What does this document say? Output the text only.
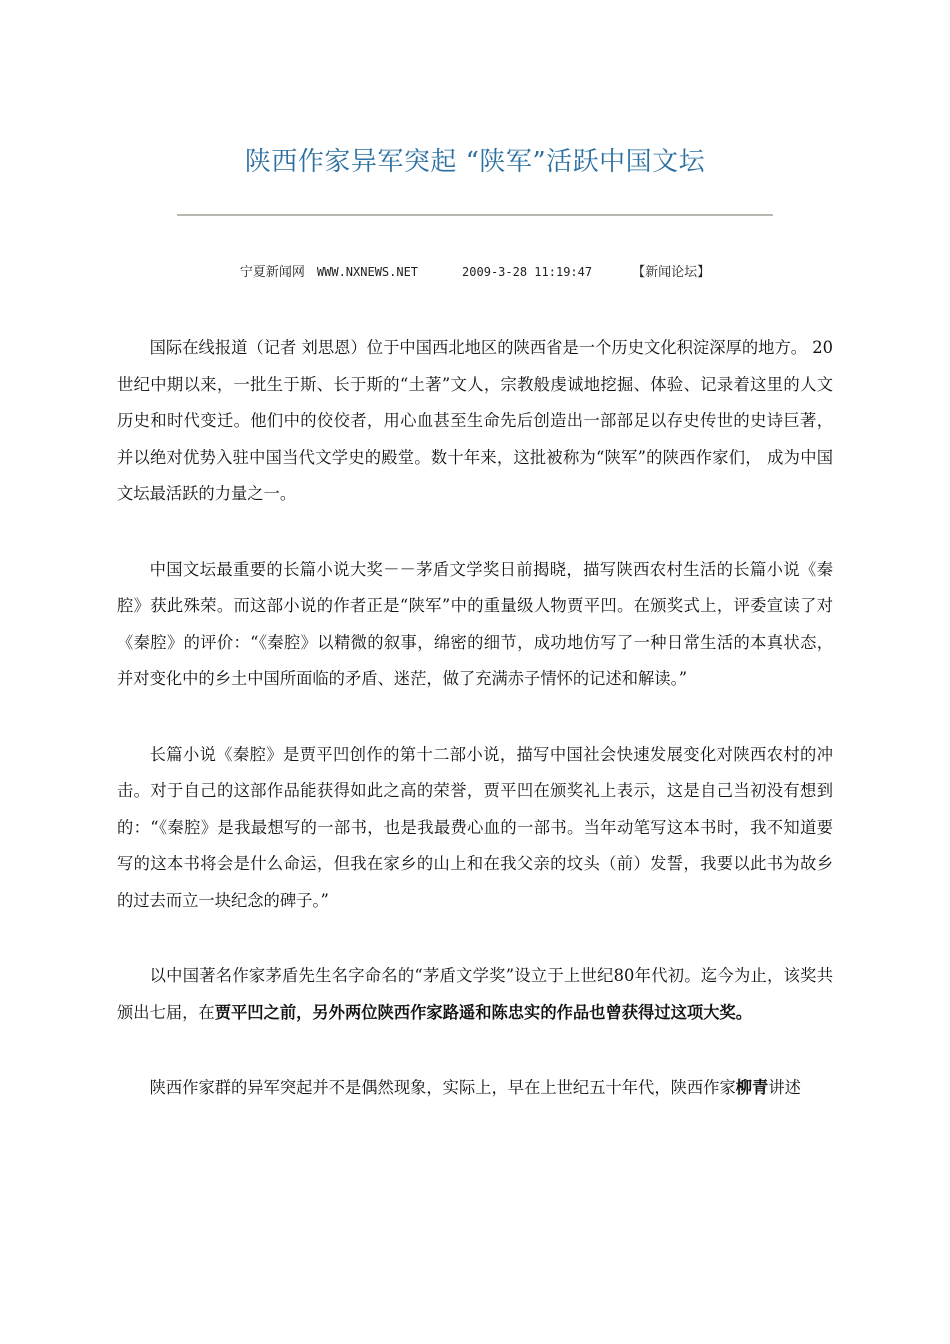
陕西作家异军突起 “陕军”活跃中国文坛
宁夏新闻网 WWW.NXNEWS.NET	2009-3-28 11:19:47	【新闻论坛】

国际在线报道（记者 刘思恩）位于中国西北地区的陕西省是一个历史文化积淀深厚的地方。 20世纪中期以来，一批生于斯、长于斯的“土著”文人，宗教般虔诚地挖掘、体验、记录着这里的人文历史和时代变迁。他们中的佼佼者，用心血甚至生命先后创造出一部部足以存史传世的史诗巨著，并以绝对优势入驻中国当代文学史的殿堂。数十年来，这批被称为“陕军”的陕西作家们， 成为中国文坛最活跃的力量之一。

中国文坛最重要的长篇小说大奖－－茅盾文学奖日前揭晓，描写陕西农村生活的长篇小说《秦腔》获此殊荣。而这部小说的作者正是“陕军”中的重量级人物贾平凹。在颁奖式上，评委宣读了对《秦腔》的评价：“《秦腔》以精微的叙事，绵密的细节，成功地仿写了一种日常生活的本真状态，并对变化中的乡土中国所面临的矛盾、迷茫，做了充满赤子情怀的记述和解读。”

长篇小说《秦腔》是贾平凹创作的第十二部小说，描写中国社会快速发展变化对陕西农村的冲击。对于自己的这部作品能获得如此之高的荣誉，贾平凹在颁奖礼上表示，这是自己当初没有想到的：“《秦腔》是我最想写的一部书，也是我最费心血的一部书。当年动笔写这本书时，我不知道要写的这本书将会是什么命运，但我在家乡的山上和在我父亲的坟头（前）发誓，我要以此书为故乡的过去而立一块纪念的碑子。”

以中国著名作家茅盾先生名字命名的“茅盾文学奖”设立于上世纪80年代初。迄今为止，该奖共颁出七届，在贾平凹之前，另外两位陕西作家路遥和陈忠实的作品也曾获得过这项大奖。

陕西作家群的异军突起并不是偶然现象，实际上，早在上世纪五十年代，陕西作家柳青讲述
